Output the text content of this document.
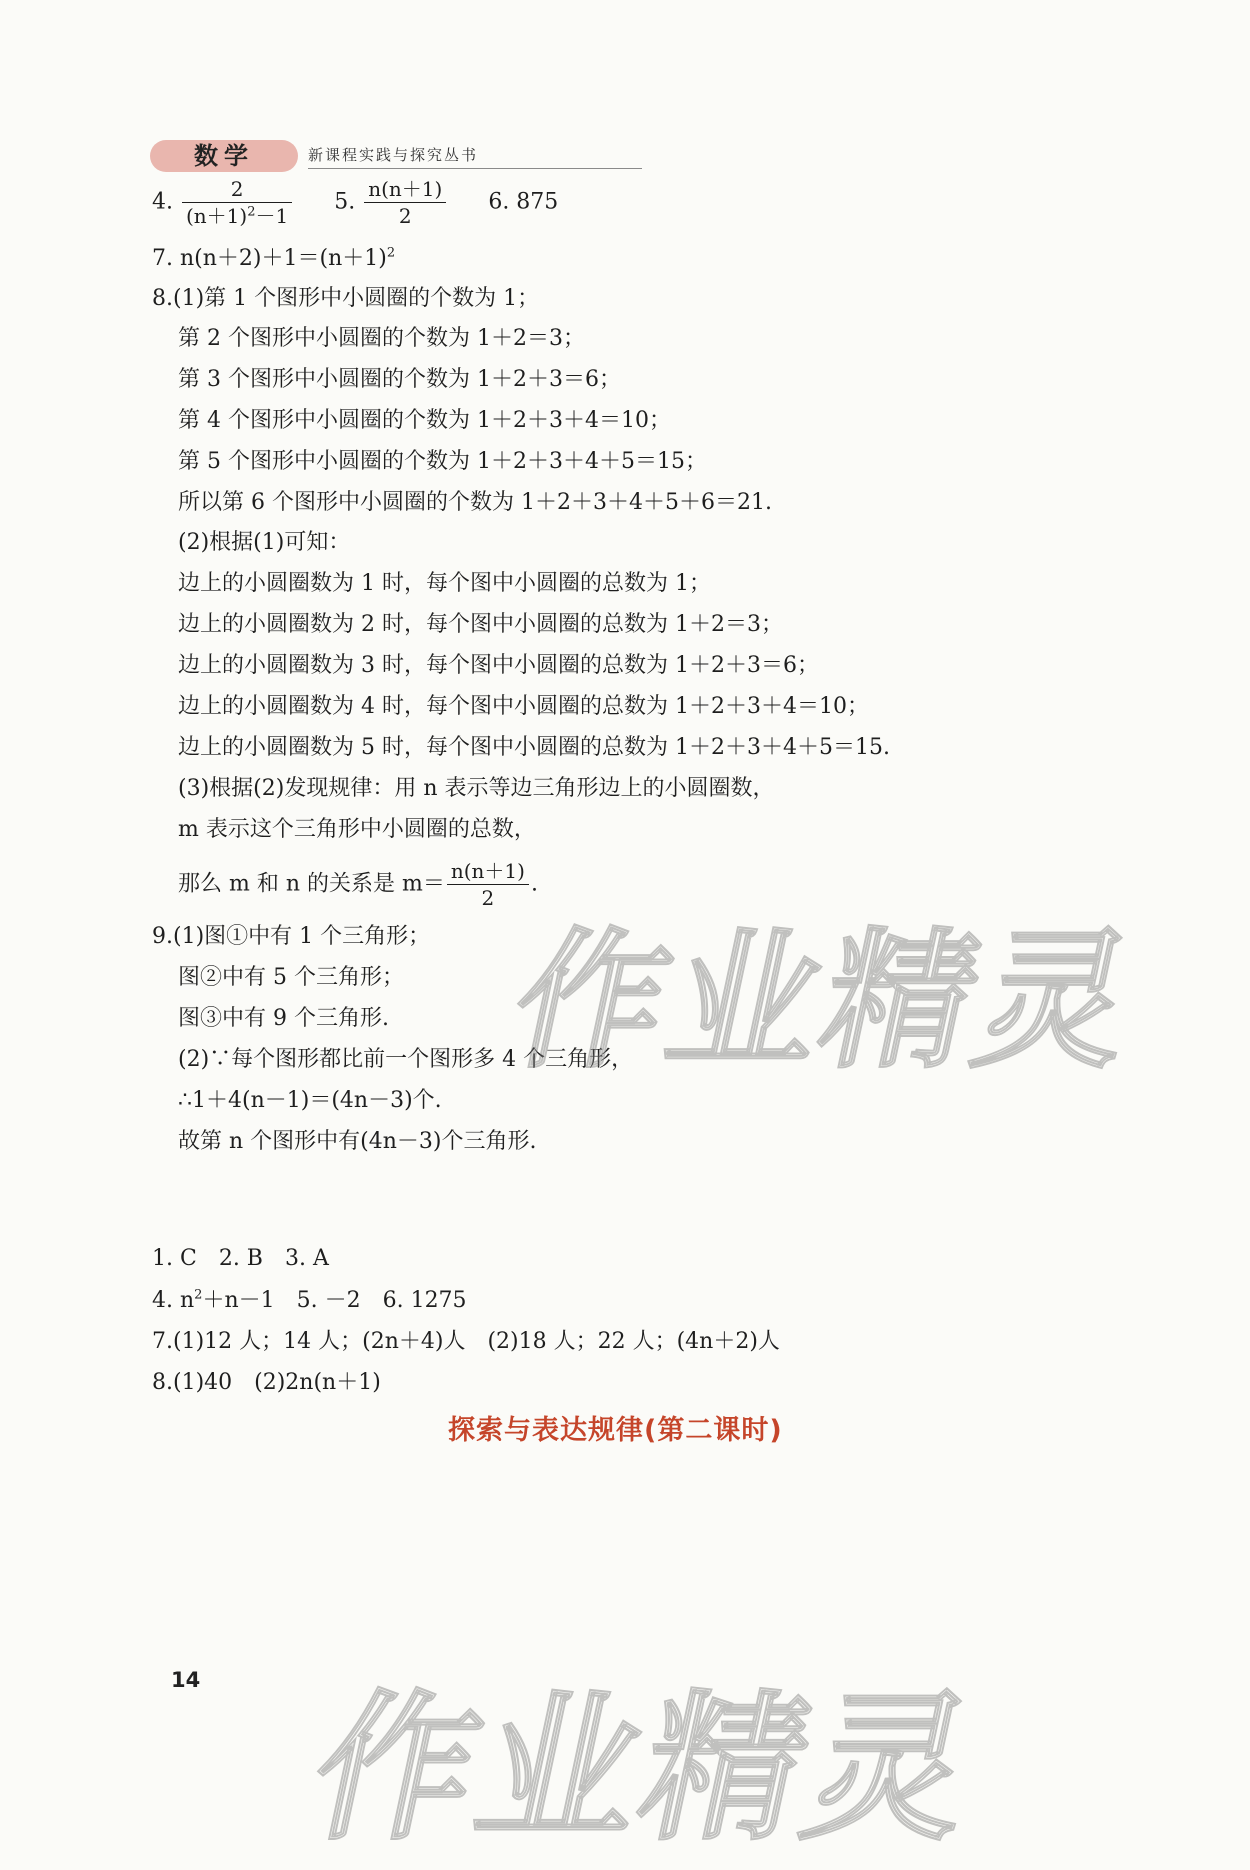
数学	新课程实践与探究丛书
4. $\frac{2}{(n+1)^2-1} 5$. $\frac{n(n+1)}{2} 6$. 875
7. $n(n+2)+1=(n+1)^2$
8.(1)第 1 个图形中小圆圈的个数为 1；
第 2 个图形中小圆圈的个数为 1＋2＝3；
第 3 个图形中小圆圈的个数为 1＋2＋3＝6；
第 4 个图形中小圆圈的个数为 1＋2＋3＋4＝10；
第 5 个图形中小圆圈的个数为 1＋2＋3＋4＋5＝15；
所以第 6 个图形中小圆圈的个数为 1＋2＋3＋4＋5＋6＝21.
(2)根据(1)可知：
边上的小圆圈数为 1 时，每个图中小圆圈的总数为 1；
边上的小圆圈数为 2 时，每个图中小圆圈的总数为 1＋2＝3；
边上的小圆圈数为 3 时，每个图中小圆圈的总数为 1＋2＋3＝6；
边上的小圆圈数为 4 时，每个图中小圆圈的总数为 1＋2＋3＋4＝10；
边上的小圆圈数为 5 时，每个图中小圆圈的总数为 1＋2＋3＋4＋5＝15.
(3)根据(2)发现规律：用 n 表示等边三角形边上的小圆圈数，
m 表示这个三角形中小圆圈的总数，
那么 m 和 n 的关系是 $m= \frac{n(n+1)}{2}$ .
9.(1)图①中有 1 个三角形；
图②中有 5 个三角形；
图③中有 9 个三角形.
(2)∵每个图形都比前一个图形多 4 个三角形，
∴1＋4(n－1)＝(4n－3)个.
故第 n 个图形中有(4n－3)个三角形.
探索与表达规律(第二课时)
1. C　2. B　3. A
4. $n^2+n-1$　5. －2　6. 1275
7.(1)12 人；14 人；(2n＋4)人　(2)18 人；22 人；(4n＋2)人
8.(1)40　(2)2n(n＋1)
14
作业精灵
作业精灵
